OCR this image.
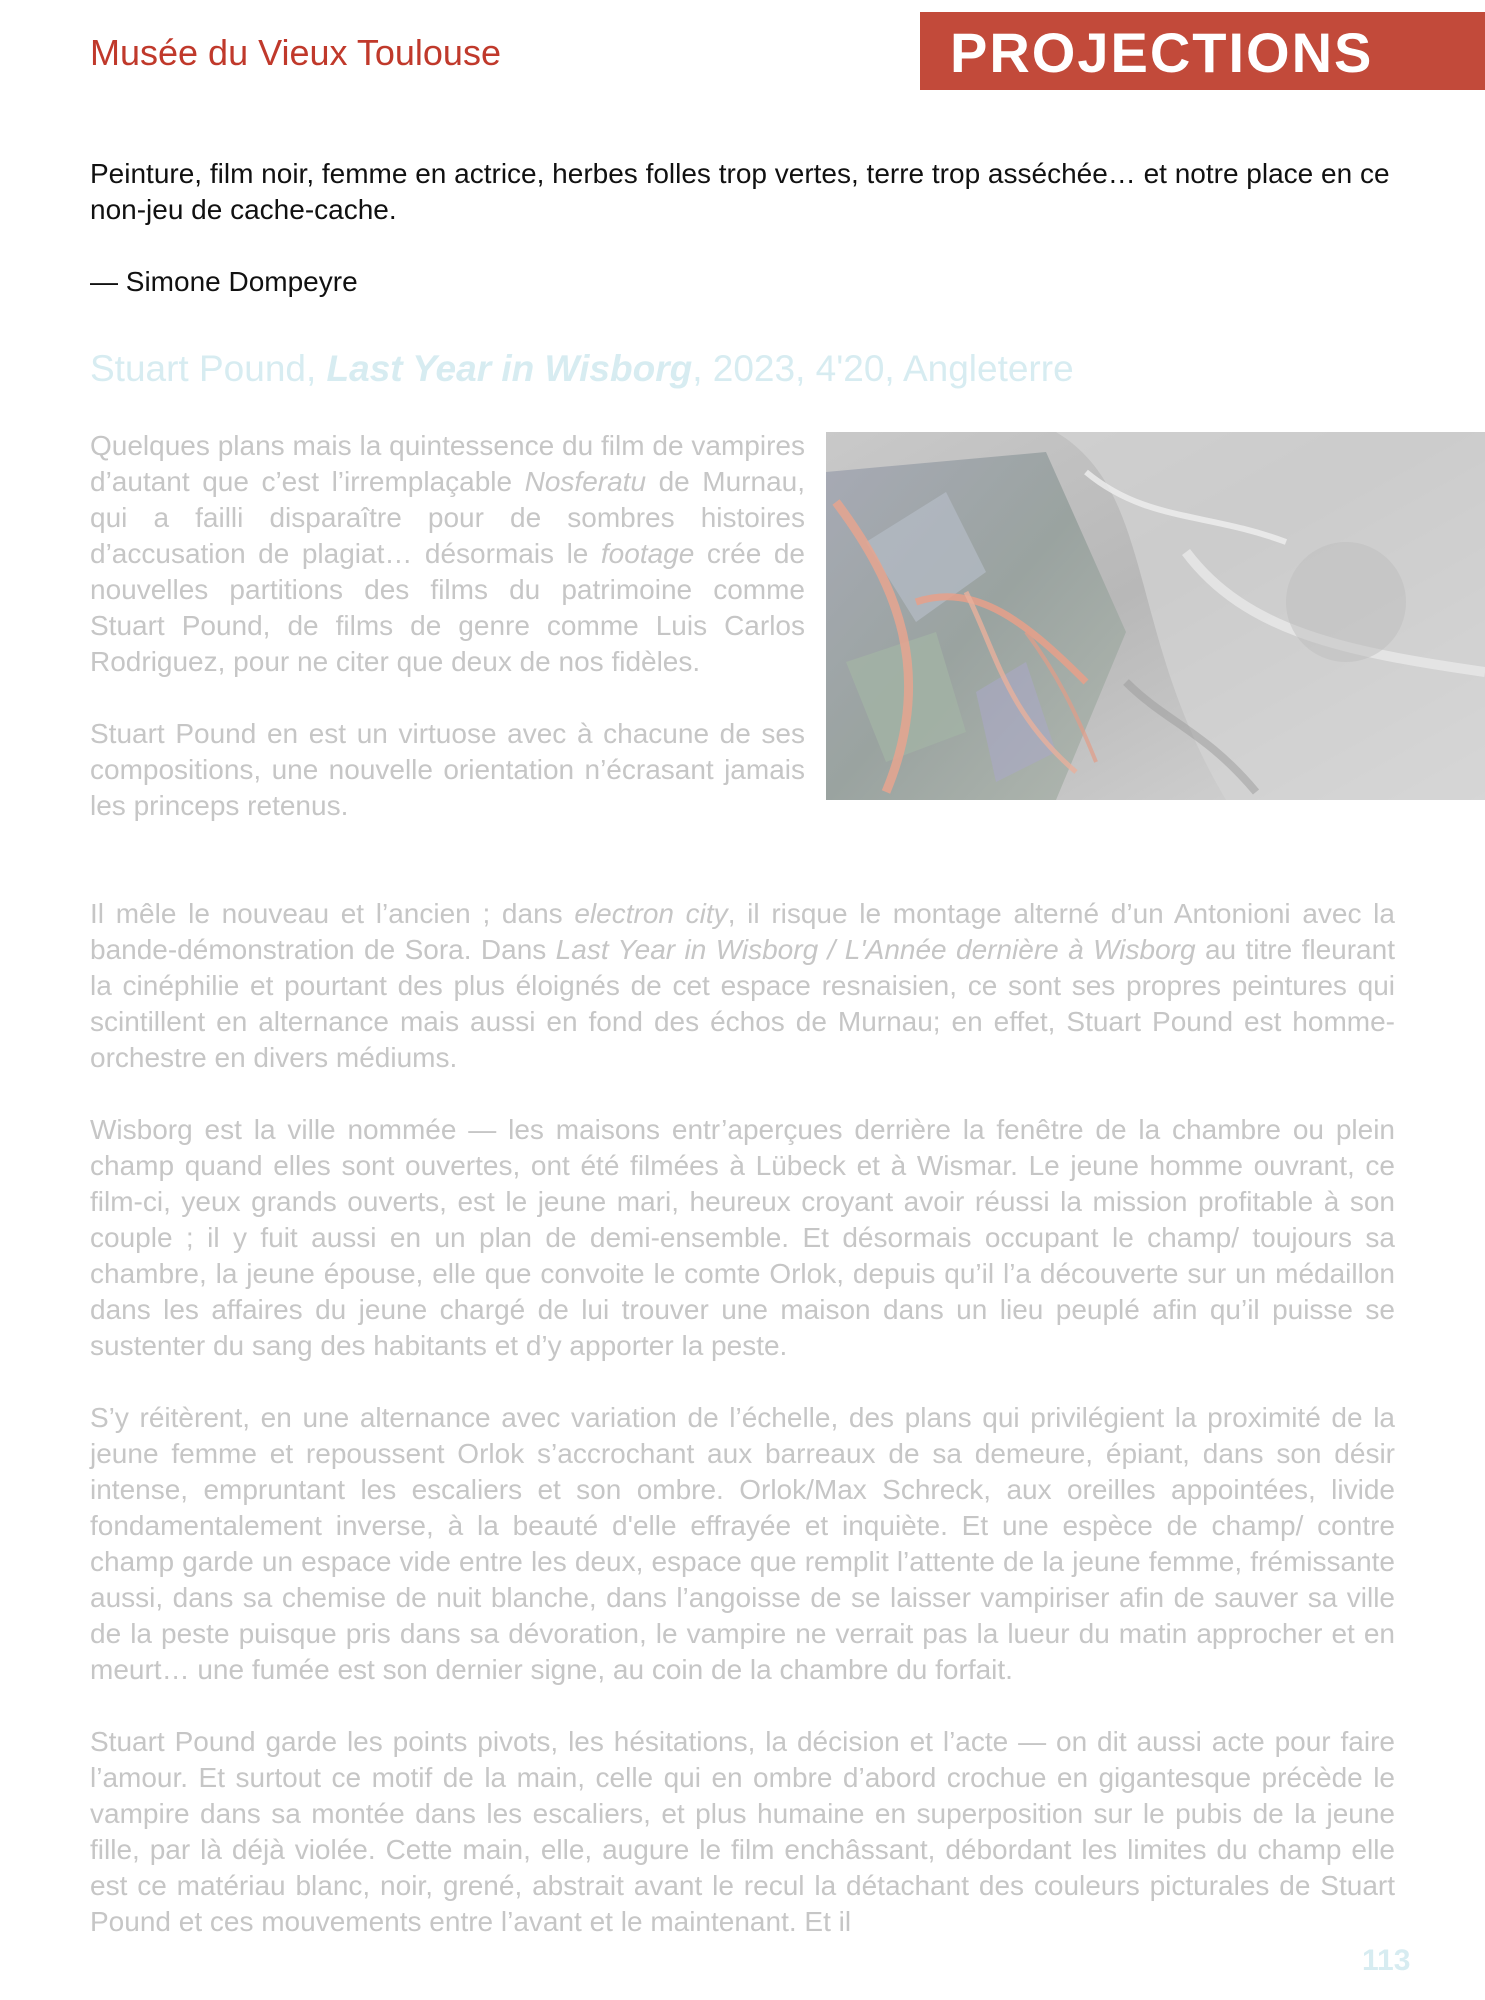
Musée du Vieux Toulouse	PROJECTIONS

Peinture, film noir, femme en actrice, herbes folles trop vertes, terre trop asséchée… et notre place en ce non-jeu de cache-cache.

— Simone Dompeyre

Stuart Pound, Last Year in Wisborg, 2023, 4'20, Angleterre

Quelques plans mais la quintessence du film de vampires d’autant que c’est l’irremplaçable Nosferatu de Murnau, qui a failli disparaître pour de sombres histoires d’accusation de plagiat… désormais le footage crée de nouvelles partitions des films du patrimoine comme Stuart Pound, de films de genre comme Luis Carlos Rodriguez, pour ne citer que deux de nos fidèles.

Stuart Pound en est un virtuose avec à chacune de ses compositions, une nouvelle orientation n’écrasant jamais les princeps retenus.

Il mêle le nouveau et l’ancien ; dans electron city, il risque le montage alterné d’un Antonioni avec la bande-démonstration de Sora. Dans Last Year in Wisborg / L'Année dernière à Wisborg au titre fleurant la cinéphilie et pourtant des plus éloignés de cet espace resnaisien, ce sont ses propres peintures qui scintillent en alternance mais aussi en fond des échos de Murnau; en effet, Stuart Pound est homme-orchestre en divers médiums.

Wisborg est la ville nommée — les maisons entr’aperçues derrière la fenêtre de la chambre ou plein champ quand elles sont ouvertes, ont été filmées à Lübeck et à Wismar. Le jeune homme ouvrant, ce film-ci, yeux grands ouverts, est le jeune mari, heureux croyant avoir réussi la mission profitable à son couple ; il y fuit aussi en un plan de demi-ensemble. Et désormais occupant le champ/ toujours sa chambre, la jeune épouse, elle que convoite le comte Orlok, depuis qu’il l’a découverte sur un médaillon dans les affaires du jeune chargé de lui trouver une maison dans un lieu peuplé afin qu’il puisse se sustenter du sang des habitants et d’y apporter la peste.

S’y réitèrent, en une alternance avec variation de l’échelle, des plans qui privilégient la proximité de la jeune femme et repoussent Orlok s’accrochant aux barreaux de sa demeure, épiant, dans son désir intense, empruntant les escaliers et son ombre. Orlok/Max Schreck, aux oreilles appointées, livide fondamentalement inverse, à la beauté d'elle effrayée et inquiète. Et une espèce de champ/ contre champ garde un espace vide entre les deux, espace que remplit l’attente de la jeune femme, frémissante aussi, dans sa chemise de nuit blanche, dans l’angoisse de se laisser vampiriser afin de sauver sa ville de la peste puisque pris dans sa dévoration, le vampire ne verrait pas la lueur du matin approcher et en meurt… une fumée est son dernier signe, au coin de la chambre du forfait.

Stuart Pound garde les points pivots, les hésitations, la décision et l’acte — on dit aussi acte pour faire l’amour. Et surtout ce motif de la main, celle qui en ombre d’abord crochue en gigantesque précède le vampire dans sa montée dans les escaliers, et plus humaine en superposition sur le pubis de la jeune fille, par là déjà violée. Cette main, elle, augure le film enchâssant, débordant les limites du champ elle est ce matériau blanc, noir, grené, abstrait avant le recul la détachant des couleurs picturales de Stuart Pound et ces mouvements entre l’avant et le maintenant. Et il

113
